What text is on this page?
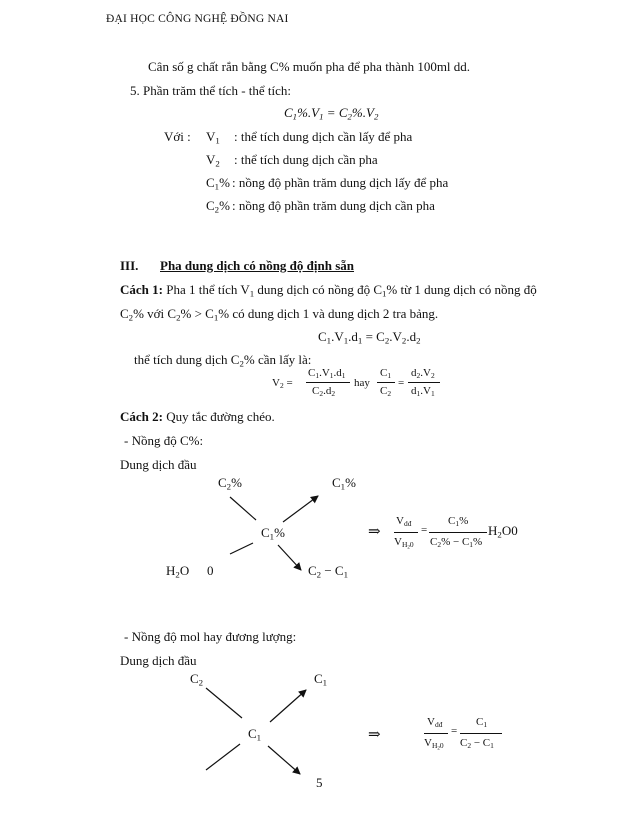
ĐẠI HỌC CÔNG NGHỆ ĐỒNG NAI
Cân số g chất rắn bằng C% muốn pha để pha thành 100ml dd.
5. Phần trăm thể tích - thể tích:
$C_1\%.V_1 = C_2\%.V_2$
Với : $V_1$ : thể tích dung dịch cần lấy để pha
$V_2$ : thể tích dung dịch cần pha
$C_1\%$ : nồng độ phần trăm dung dịch lấy để pha
$C_2\%$ : nồng độ phần trăm dung dịch cần pha
III. Pha dung dịch có nồng độ định sẵn
Cách 1: Pha 1 thể tích $V_1$ dung dịch có nồng độ $C_1\%$ từ 1 dung dịch có nồng độ
$C_2\%$ với $C_2\% > C_1\%$ có dung dịch 1 và dung dịch 2 tra bảng.
$C_1.V_1.d_1 = C_2.V_2.d_2$
thể tích dung dịch $C_2\%$ cần lấy là:
$V_2$ =
$C_1.V_1.d_1$
$C_2.d_2$
hay
$C_1$
$C_2$
=
$d_2.V_2$
$d_1.V_1$
Cách 2: Quy tắc đường chéo.
- Nồng độ C%:
Dung dịch đầu
$C_2\%$	$C_1\%$
$C_1\%$
$H_2O$ 0	$C_2 - C_1$
⇒
$V_{dđ}$
$V_{H_20}$
=
$C_1\%$
$C_2\% - C_1\%$
$H_2O0$
- Nồng độ mol hay đương lượng:
Dung dịch đầu
$C_2$	$C_1$
$C_1$	⇒
$V_{dđ}$
$V_{H_20}$
=
$C_1$
$C_2 - C_1$
5
